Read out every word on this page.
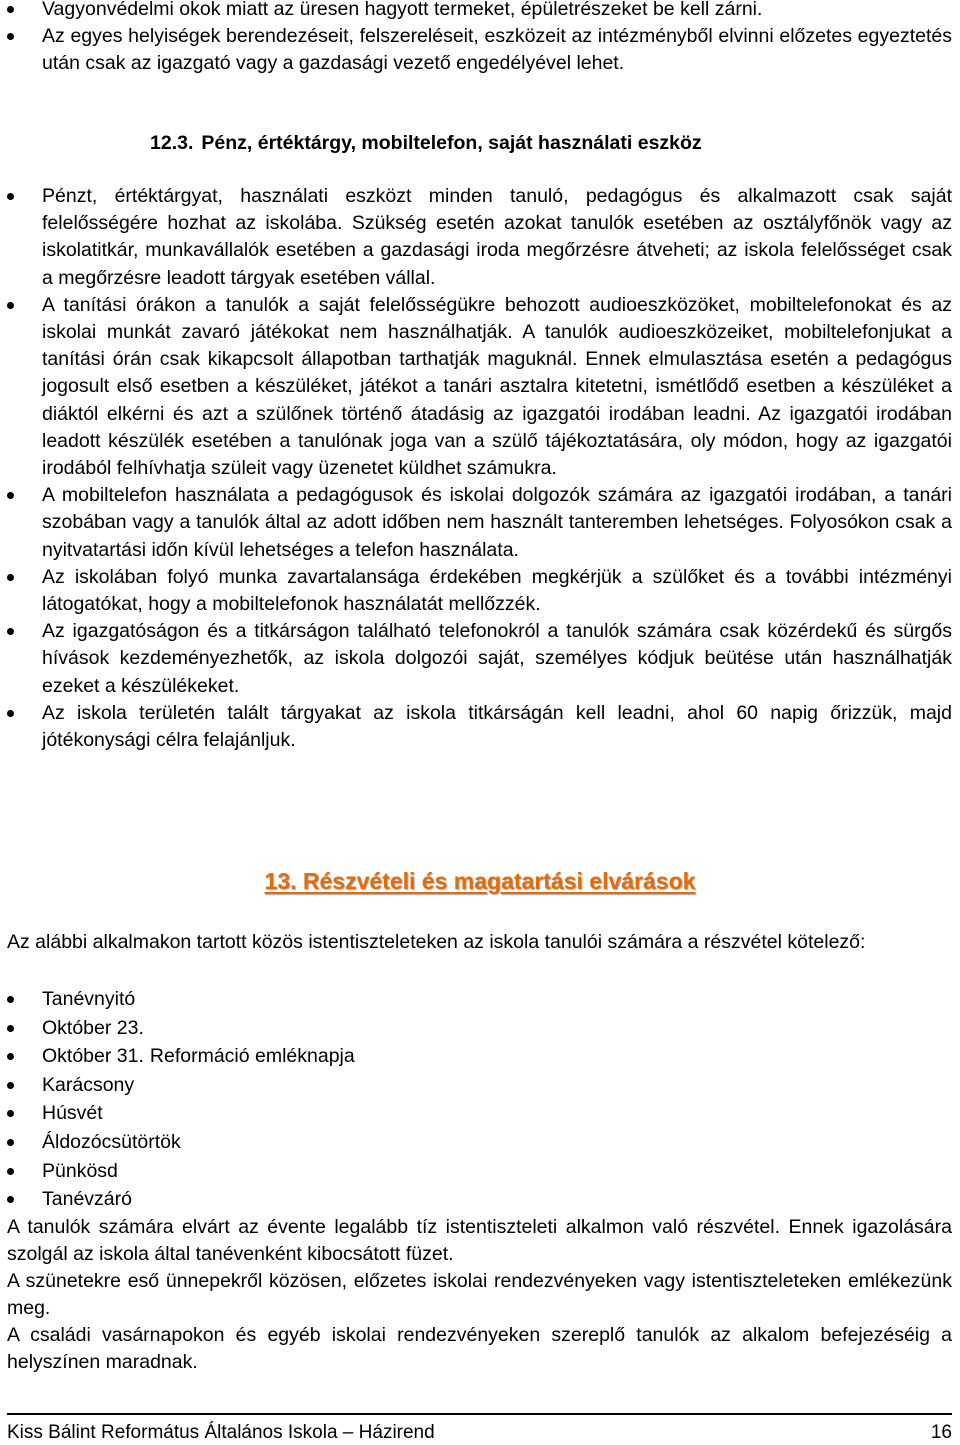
Vagyonvédelmi okok miatt az üresen hagyott termeket, épületrészeket be kell zárni.
Az egyes helyiségek berendezéseit, felszereléseit, eszközeit az intézményből elvinni előzetes egyeztetés után csak az igazgató vagy a gazdasági vezető engedélyével lehet.
12.3. Pénz, értéktárgy, mobiltelefon, saját használati eszköz
Pénzt, értéktárgyat, használati eszközt minden tanuló, pedagógus és alkalmazott csak saját felelősségére hozhat az iskolába. Szükség esetén azokat tanulók esetében az osztályfőnök vagy az iskolatitkár, munkavállalók esetében a gazdasági iroda megőrzésre átveheti; az iskola felelősséget csak a megőrzésre leadott tárgyak esetében vállal.
A tanítási órákon a tanulók a saját felelősségükre behozott audioeszközöket, mobiltelefonokat és az iskolai munkát zavaró játékokat nem használhatják. A tanulók audioeszközeiket, mobiltelefonjukat a tanítási órán csak kikapcsolt állapotban tarthatják maguknál. Ennek elmulasztása esetén a pedagógus jogosult első esetben a készüléket, játékot a tanári asztalra kitetetni, ismétlődő esetben a készüléket a diáktól elkérni és azt a szülőnek történő átadásig az igazgatói irodában leadni. Az igazgatói irodában leadott készülék esetében a tanulónak joga van a szülő tájékoztatására, oly módon, hogy az igazgatói irodából felhívhatja szüleit vagy üzenetet küldhet számukra.
A mobiltelefon használata a pedagógusok és iskolai dolgozók számára az igazgatói irodában, a tanári szobában vagy a tanulók által az adott időben nem használt tanteremben lehetséges. Folyosókon csak a nyitvatartási időn kívül lehetséges a telefon használata.
Az iskolában folyó munka zavartalansága érdekében megkérjük a szülőket és a további intézményi látogatókat, hogy a mobiltelefonok használatát mellőzzék.
Az igazgatóságon és a titkárságon található telefonokról a tanulók számára csak közérdekű és sürgős hívások kezdeményezhetők, az iskola dolgozói saját, személyes kódjuk beütése után használhatják ezeket a készülékeket.
Az iskola területén talált tárgyakat az iskola titkárságán kell leadni, ahol 60 napig őrizzük, majd jótékonysági célra felajánljuk.
13. Részvételi és magatartási elvárások

Az alábbi alkalmakon tartott közös istentiszteleteken az iskola tanulói számára a részvétel kötelező:

Tanévnyitó
Október 23.
Október 31. Reformáció emléknapja
Karácsony
Húsvét
Áldozócsütörtök
Pünkösd
Tanévzáró

A tanulók számára elvárt az évente legalább tíz istentiszteleti alkalmon való részvétel. Ennek igazolására szolgál az iskola által tanévenként kibocsátott füzet.

A szünetekre eső ünnepekről közösen, előzetes iskolai rendezvényeken vagy istentiszteleteken emlékezünk meg.

A családi vasárnapokon és egyéb iskolai rendezvényeken szereplő tanulók az alkalom befejezéséig a helyszínen maradnak.

Kiss Bálint Református Általános Iskola – Házirend	16
